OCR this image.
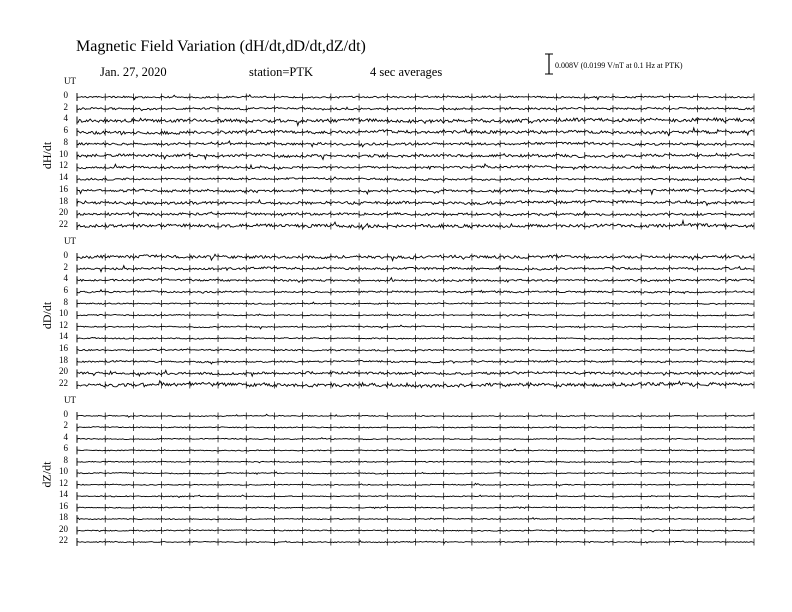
Magnetic Field Variation (dH/dt,dD/dt,dZ/dt)
Jan. 27, 2020	station=PTK	4 sec averages	0.008V (0.0199 V/nT at 0.1 Hz at PTK)
UT
dH/dt
0
2
4
6
8
10
12
14
16
18
20
22
UT
dD/dt
0
2
4
6
8
10
12
14
16
18
20
22
UT
dZ/dt
0
2
4
6
8
10
12
14
16
18
20
22
